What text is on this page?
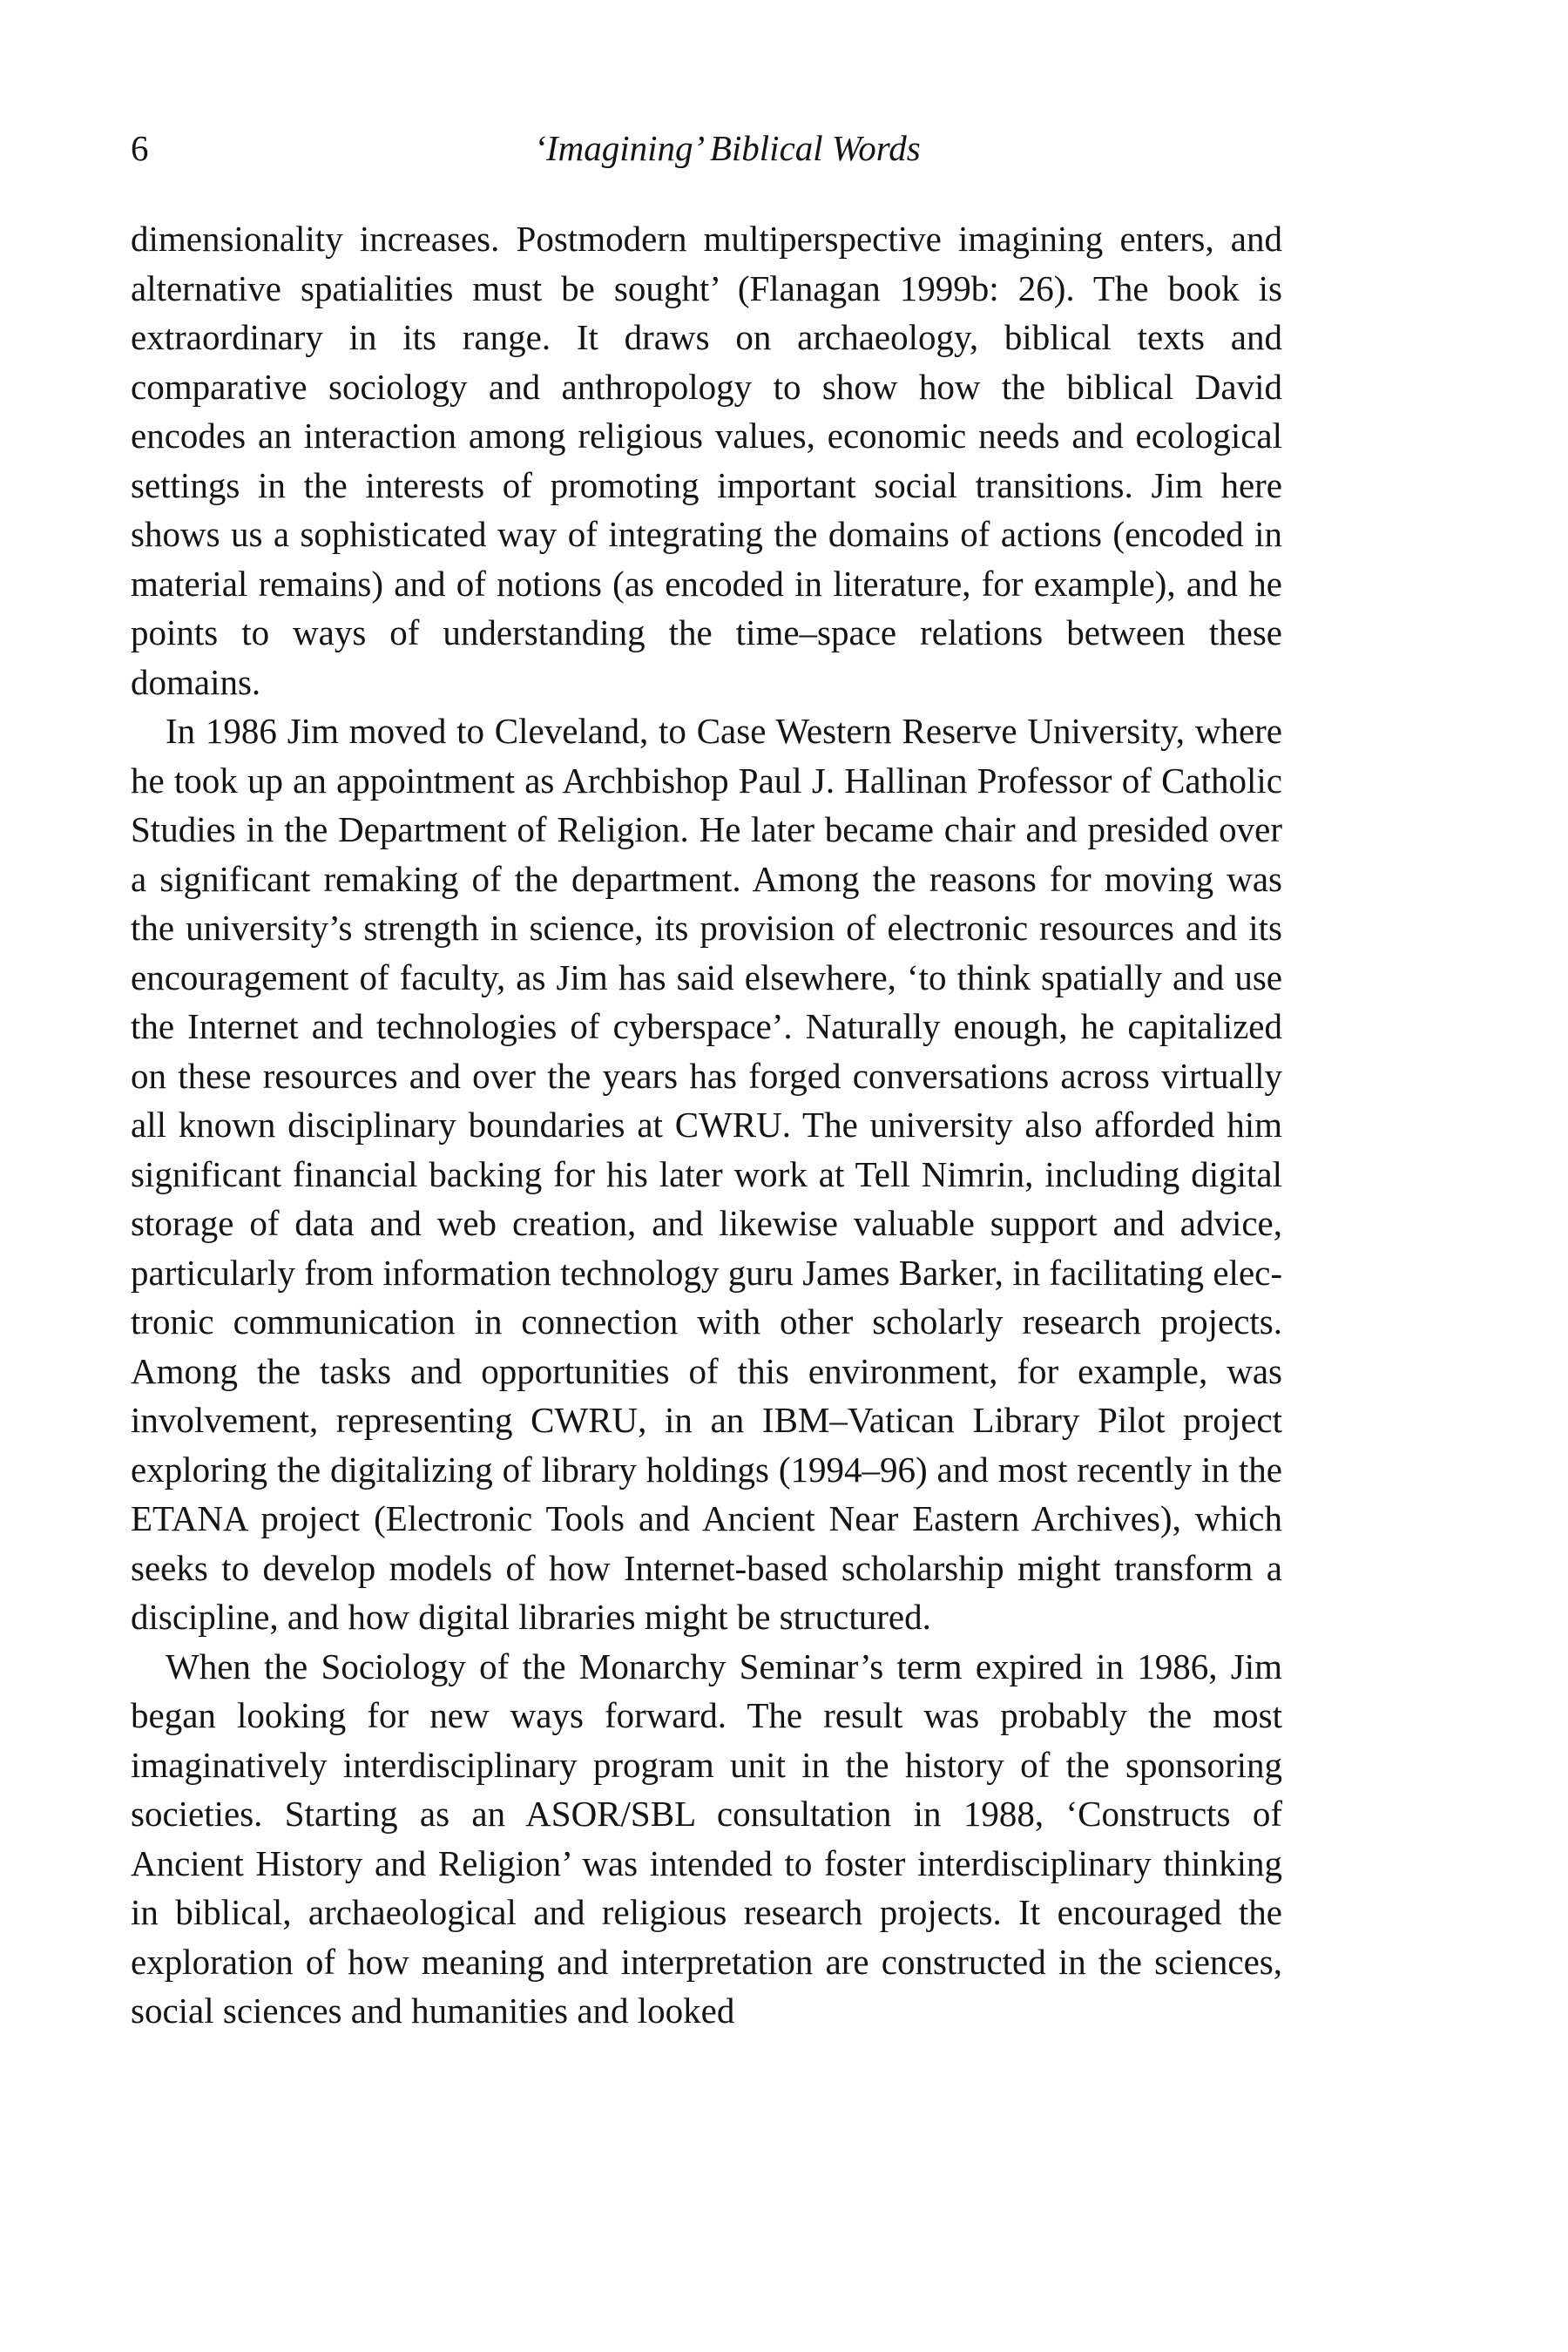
6	‘Imagining’ Biblical Words

dimensionality increases. Postmodern multiperspective imagining enters, and alternative spatialities must be sought’ (Flanagan 1999b: 26). The book is extraordinary in its range. It draws on archaeology, biblical texts and comparative sociology and anthropology to show how the biblical David encodes an interaction among religious values, economic needs and ecological settings in the interests of promoting important social transitions. Jim here shows us a sophisticated way of integrating the domains of actions (encoded in material remains) and of notions (as encoded in literature, for example), and he points to ways of understanding the time–space relations between these domains.

In 1986 Jim moved to Cleveland, to Case Western Reserve University, where he took up an appointment as Archbishop Paul J. Hallinan Professor of Catholic Studies in the Department of Religion. He later became chair and presided over a significant remaking of the department. Among the reasons for moving was the university’s strength in science, its provision of electronic resources and its encouragement of faculty, as Jim has said elsewhere, ‘to think spatially and use the Internet and technologies of cyberspace’. Naturally enough, he capitalized on these resources and over the years has forged conversations across virtually all known disciplinary boundaries at CWRU. The university also afforded him significant financial backing for his later work at Tell Nimrin, including digital storage of data and web creation, and likewise valuable support and advice, particularly from information technology guru James Barker, in facilitating electronic communication in connection with other scholarly research projects. Among the tasks and opportunities of this environment, for example, was involvement, representing CWRU, in an IBM–Vatican Library Pilot project exploring the digitalizing of library holdings (1994–96) and most recently in the ETANA project (Electronic Tools and Ancient Near Eastern Archives), which seeks to develop models of how Internet-based scholarship might transform a discipline, and how digital libraries might be structured.

When the Sociology of the Monarchy Seminar’s term expired in 1986, Jim began looking for new ways forward. The result was probably the most imaginatively interdisciplinary program unit in the history of the sponsoring societies. Starting as an ASOR/SBL consultation in 1988, ‘Constructs of Ancient History and Religion’ was intended to foster interdisciplinary thinking in biblical, archaeological and religious research projects. It encouraged the exploration of how meaning and interpretation are constructed in the sciences, social sciences and humanities and looked
